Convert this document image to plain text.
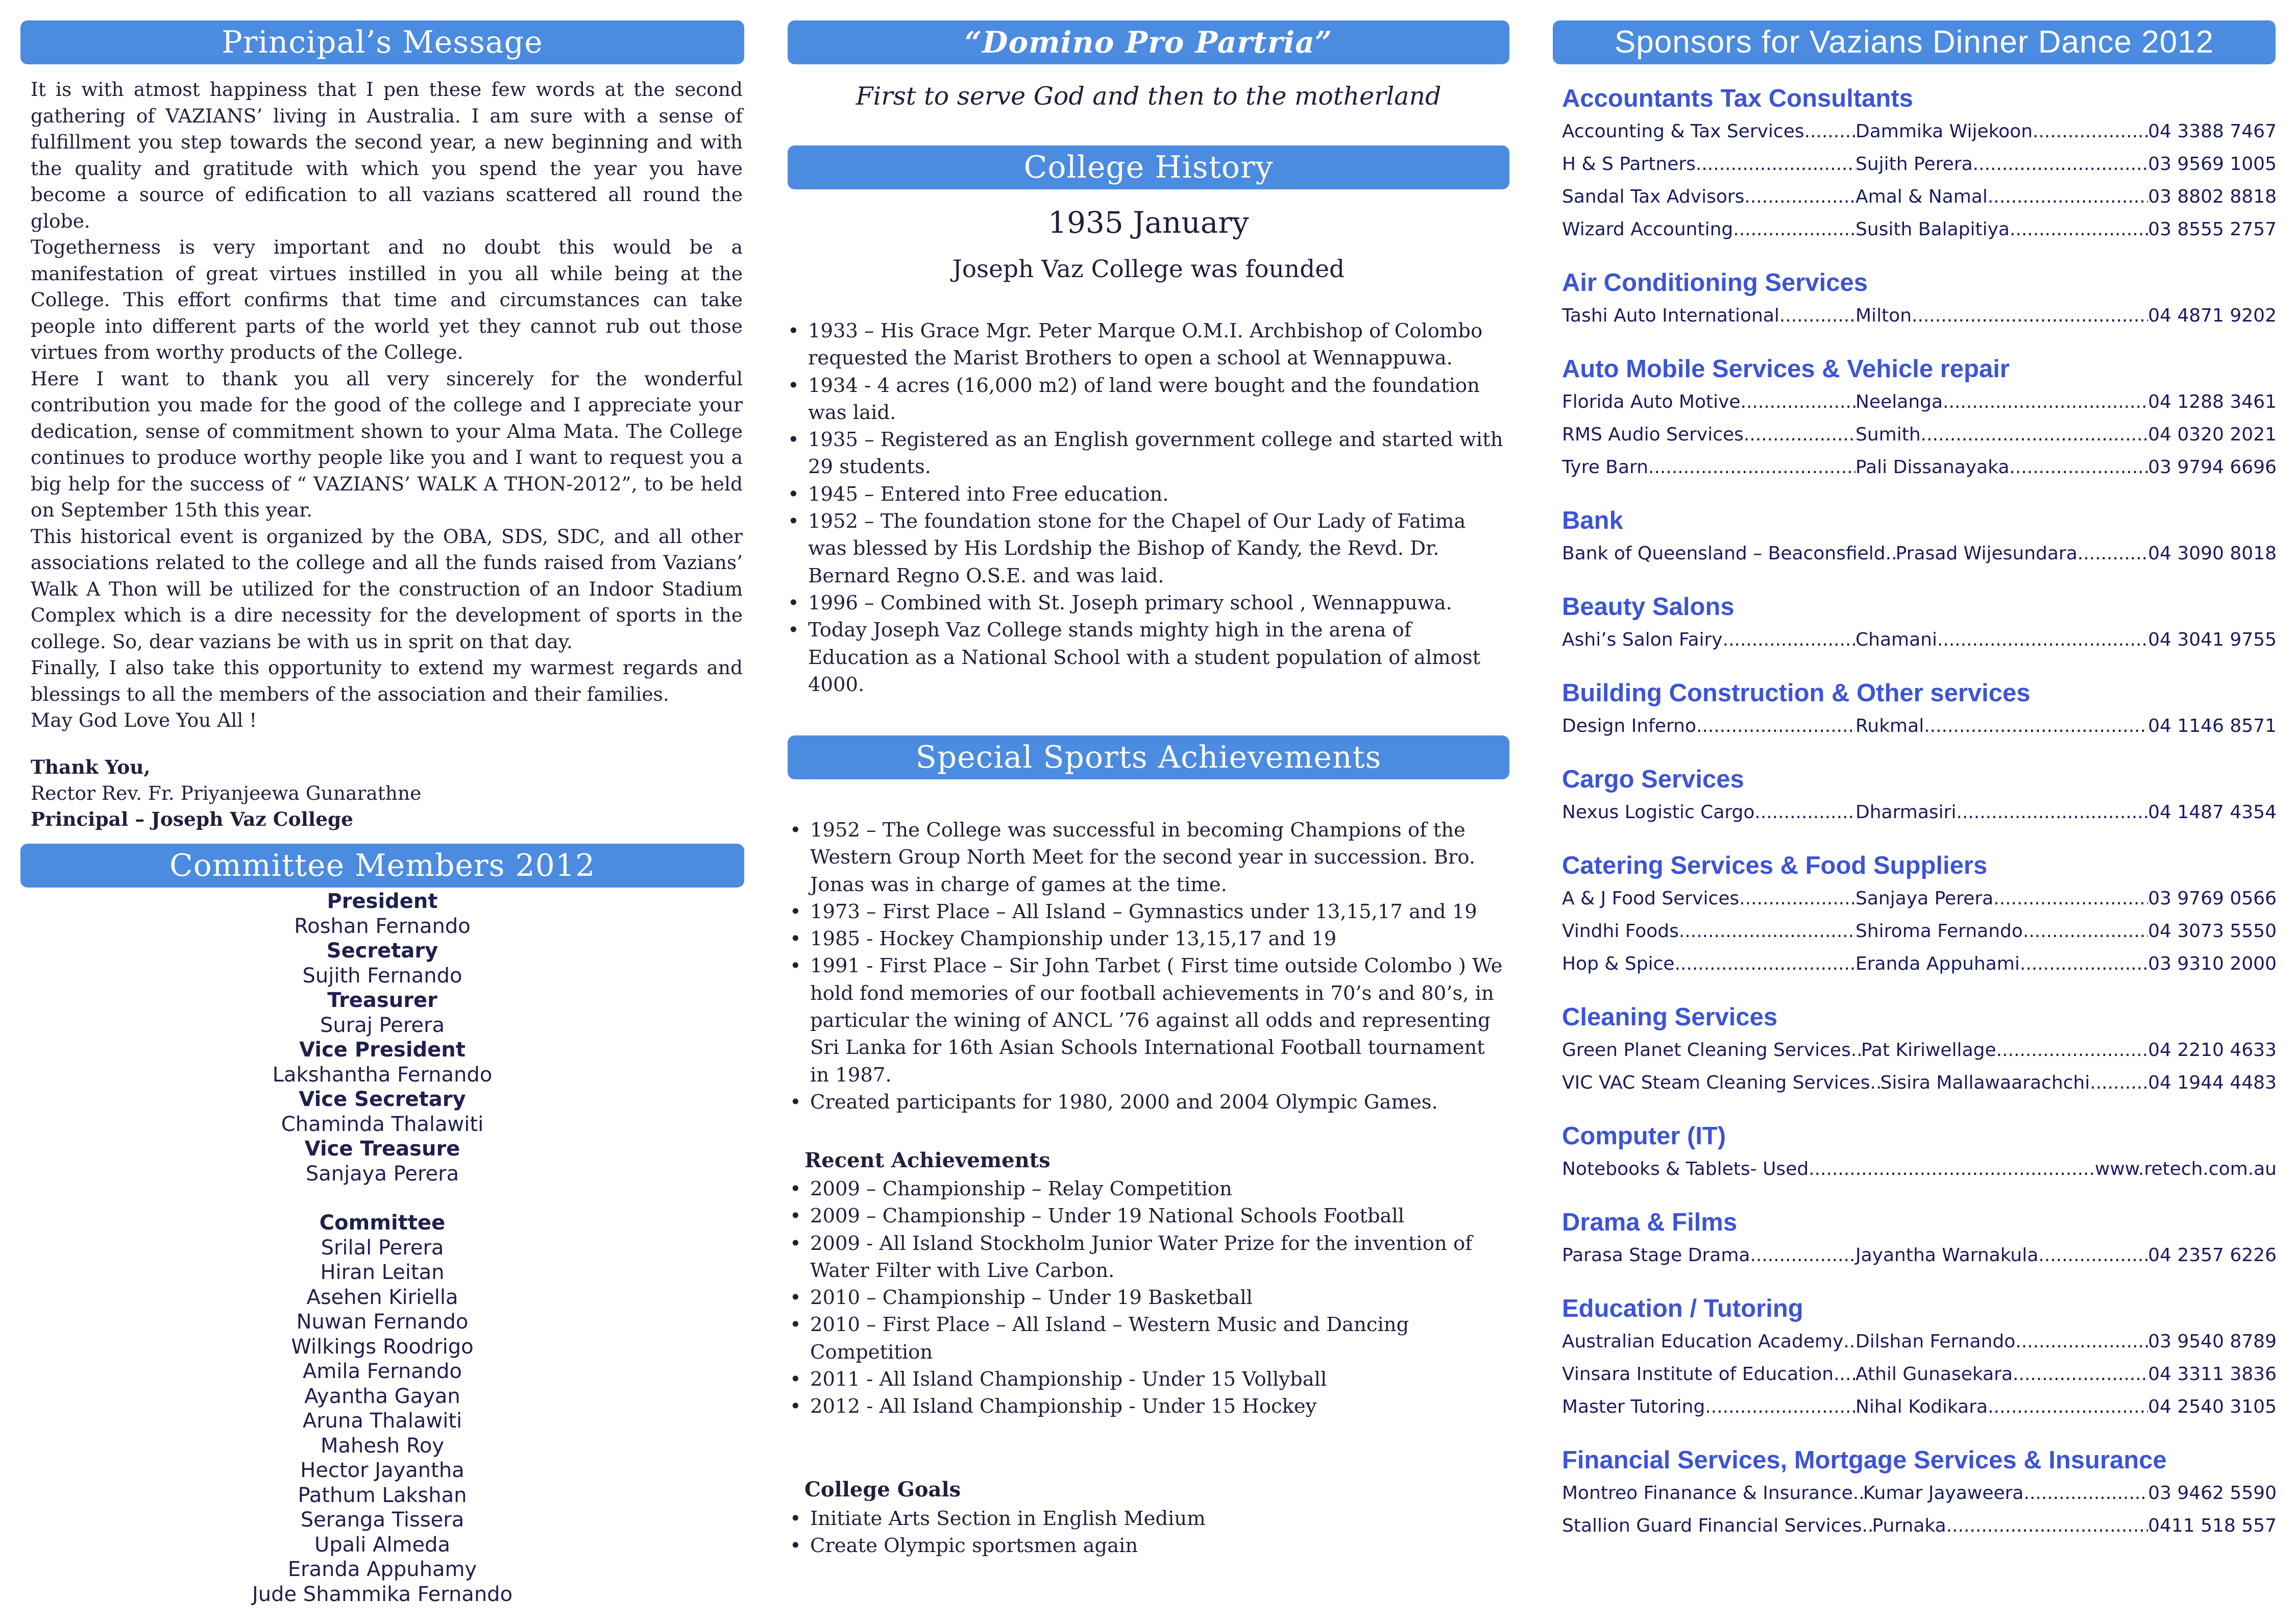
Principal’s Message

It is with atmost happiness that I pen these few words at the second gathering of VAZIANS’ living in Australia. I am sure with a sense of fulfillment you step towards the second year, a new beginning and with the quality and gratitude with which you spend the year you have become a source of edification to all vazians scattered all round the globe.

Togetherness is very important and no doubt this would be a manifestation of great virtues instilled in you all while being at the College. This effort confirms that time and circumstances can take people into different parts of the world yet they cannot rub out those virtues from worthy products of the College.

Here I want to thank you all very sincerely for the wonderful contribution you made for the good of the college and I appreciate your dedication, sense of commitment shown to your Alma Mata. The College continues to produce worthy people like you and I want to request you a big help for the success of “ VAZIANS’ WALK A THON-2012”, to be held on September 15th this year.

This historical event is organized by the OBA, SDS, SDC, and all other associations related to the college and all the funds raised from Vazians’ Walk A Thon will be utilized for the construction of an Indoor Stadium Complex which is a dire necessity for the development of sports in the college. So, dear vazians be with us in sprit on that day.

Finally, I also take this opportunity to extend my warmest regards and blessings to all the members of the association and their families.

May God Love You All !

Thank You,
Rector Rev. Fr. Priyanjeewa Gunarathne
Principal – Joseph Vaz College
Committee Members 2012
President
Roshan Fernando
Secretary
Sujith Fernando
Treasurer
Suraj Perera
Vice President
Lakshantha Fernando
Vice Secretary
Chaminda Thalawiti
Vice Treasure
Sanjaya Perera
Committee
Srilal Perera
Hiran Leitan
Asehen Kiriella
Nuwan Fernando
Wilkings Roodrigo
Amila Fernando
Ayantha Gayan
Aruna Thalawiti
Mahesh Roy
Hector Jayantha
Pathum Lakshan
Seranga Tissera
Upali Almeda
Eranda Appuhamy
Jude Shammika Fernando
“Domino Pro Partria”
First to serve God and then to the motherland
College History
1935 January
Joseph Vaz College was founded
• 1933 – His Grace Mgr. Peter Marque O.M.I. Archbishop of Colombo requested the Marist Brothers to open a school at Wennappuwa.
• 1934 - 4 acres (16,000 m2) of land were bought and the foundation was laid.
• 1935 – Registered as an English government college and started with 29 students.
• 1945 – Entered into Free education.
• 1952 – The foundation stone for the Chapel of Our Lady of Fatima was blessed by His Lordship the Bishop of Kandy, the Revd. Dr. Bernard Regno O.S.E. and was laid.
• 1996 – Combined with St. Joseph primary school , Wennappuwa.
• Today Joseph Vaz College stands mighty high in the arena of Education as a National School with a student population of almost 4000.
Special Sports Achievements
• 1952 – The College was successful in becoming Champions of the Western Group North Meet for the second year in succession. Bro. Jonas was in charge of games at the time.
• 1973 – First Place – All Island – Gymnastics under 13,15,17 and 19
• 1985 - Hockey Championship under 13,15,17 and 19
• 1991 - First Place – Sir John Tarbet ( First time outside Colombo ) We hold fond memories of our football achievements in 70’s and 80’s, in particular the wining of ANCL ’76 against all odds and representing Sri Lanka for 16th Asian Schools International Football tournament in 1987.
• Created participants for 1980, 2000 and 2004 Olympic Games.
Recent Achievements
• 2009 – Championship – Relay Competition
• 2009 – Championship – Under 19 National Schools Football
• 2009 - All Island Stockholm Junior Water Prize for the invention of Water Filter with Live Carbon.
• 2010 – Championship – Under 19 Basketball
• 2010 – First Place – All Island – Western Music and Dancing Competition
• 2011 - All Island Championship - Under 15 Vollyball
• 2012 - All Island Championship - Under 15 Hockey
College Goals
• Initiate Arts Section in English Medium
• Create Olympic sportsmen again
Sponsors for Vazians Dinner Dance 2012
Accountants Tax Consultants
Accounting & Tax Services .....	Dammika Wijekoon .....	04 3388 7467
H & S Partners .....	Sujith Perera .....	03 9569 1005
Sandal Tax Advisors .....	Amal & Namal .....	03 8802 8818
Wizard Accounting .....	Susith Balapitiya .....	03 8555 2757
Air Conditioning Services
Tashi Auto International .....	Milton .....	04 4871 9202
Auto Mobile Services & Vehicle repair
Florida Auto Motive .....	Neelanga .....	04 1288 3461
RMS Audio Services .....	Sumith .....	04 0320 2021
Tyre Barn .....	Pali Dissanayaka .....	03 9794 6696
Bank
Bank of Queensland – Beaconsfield ..... Prasad Wijesundara .....	04 3090 8018
Beauty Salons
Ashi’s Salon Fairy .....	Chamani .....	04 3041 9755
Building Construction & Other services
Design Inferno .....	Rukmal .....	04 1146 8571
Cargo Services
Nexus Logistic Cargo .....	Dharmasiri .....	04 1487 4354
Catering Services & Food Suppliers
A & J Food Services .....	Sanjaya Perera .....	03 9769 0566
Vindhi Foods .....	Shiroma Fernando .....	04 3073 5550
Hop & Spice .....	Eranda Appuhami .....	03 9310 2000
Cleaning Services
Green Planet Cleaning Services ..... Pat Kiriwellage .....	04 2210 4633
VIC VAC Steam Cleaning Services ..... Sisira Mallawaarachchi .....	04 1944 4483
Computer (IT)
Notebooks & Tablets- Used .....	www.retech.com.au
Drama & Films
Parasa Stage Drama .....	Jayantha Warnakula .....	04 2357 6226
Education / Tutoring
Australian Education Academy ..... Dilshan Fernando .....	03 9540 8789
Vinsara Institute of Education ..... Athil Gunasekara .....	04 3311 3836
Master Tutoring .....	Nihal Kodikara .....	04 2540 3105
Financial Services, Mortgage Services & Insurance
Montreo Finanance & Insurance ..... Kumar Jayaweera .....	03 9462 5590
Stallion Guard Financial Services ..... Purnaka .....	0411 518 557
